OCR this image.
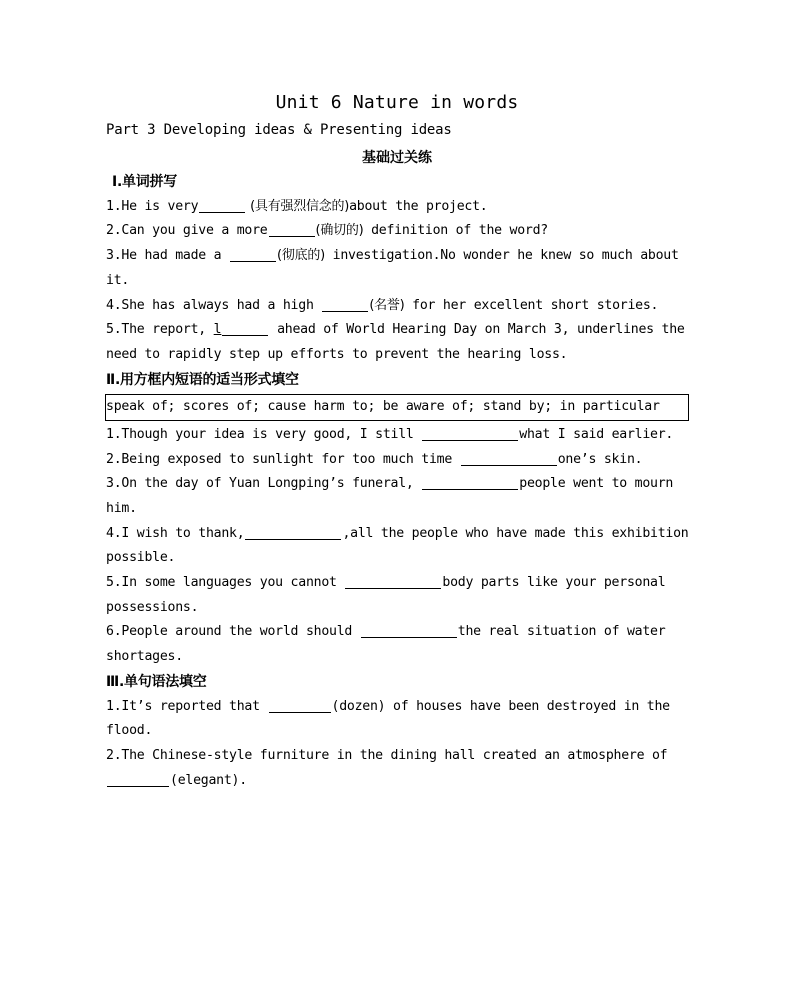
Unit 6 Nature in words
Part 3 Developing ideas & Presenting ideas
基础过关练
Ⅰ.单词拼写
1.He is very	(具有强烈信念的)about the project.
2.Can you give a more	(确切的) definition of the word?
3.He had made a	(彻底的) investigation.No wonder he knew so much about it.
4.She has always had a high	(名誉) for her excellent short stories.
5.The report, l	ahead of World Hearing Day on March 3, underlines the need to rapidly step up efforts to prevent the hearing loss.
Ⅱ.用方框内短语的适当形式填空
speak of; scores of; cause harm to; be aware of; stand by; in particular
1.Though your idea is very good, I still	what I said earlier.
2.Being exposed to sunlight for too much time	one’s skin.
3.On the day of Yuan Longping’s funeral,	people went to mourn him.
4.I wish to thank,	,all the people who have made this exhibition possible.
5.In some languages you cannot	body parts like your personal possessions.
6.People around the world should	the real situation of water shortages.
Ⅲ.单句语法填空
1.It’s reported that	(dozen) of houses have been destroyed in the flood.
2.The Chinese-style furniture in the dining hall created an atmosphere of (elegant).
